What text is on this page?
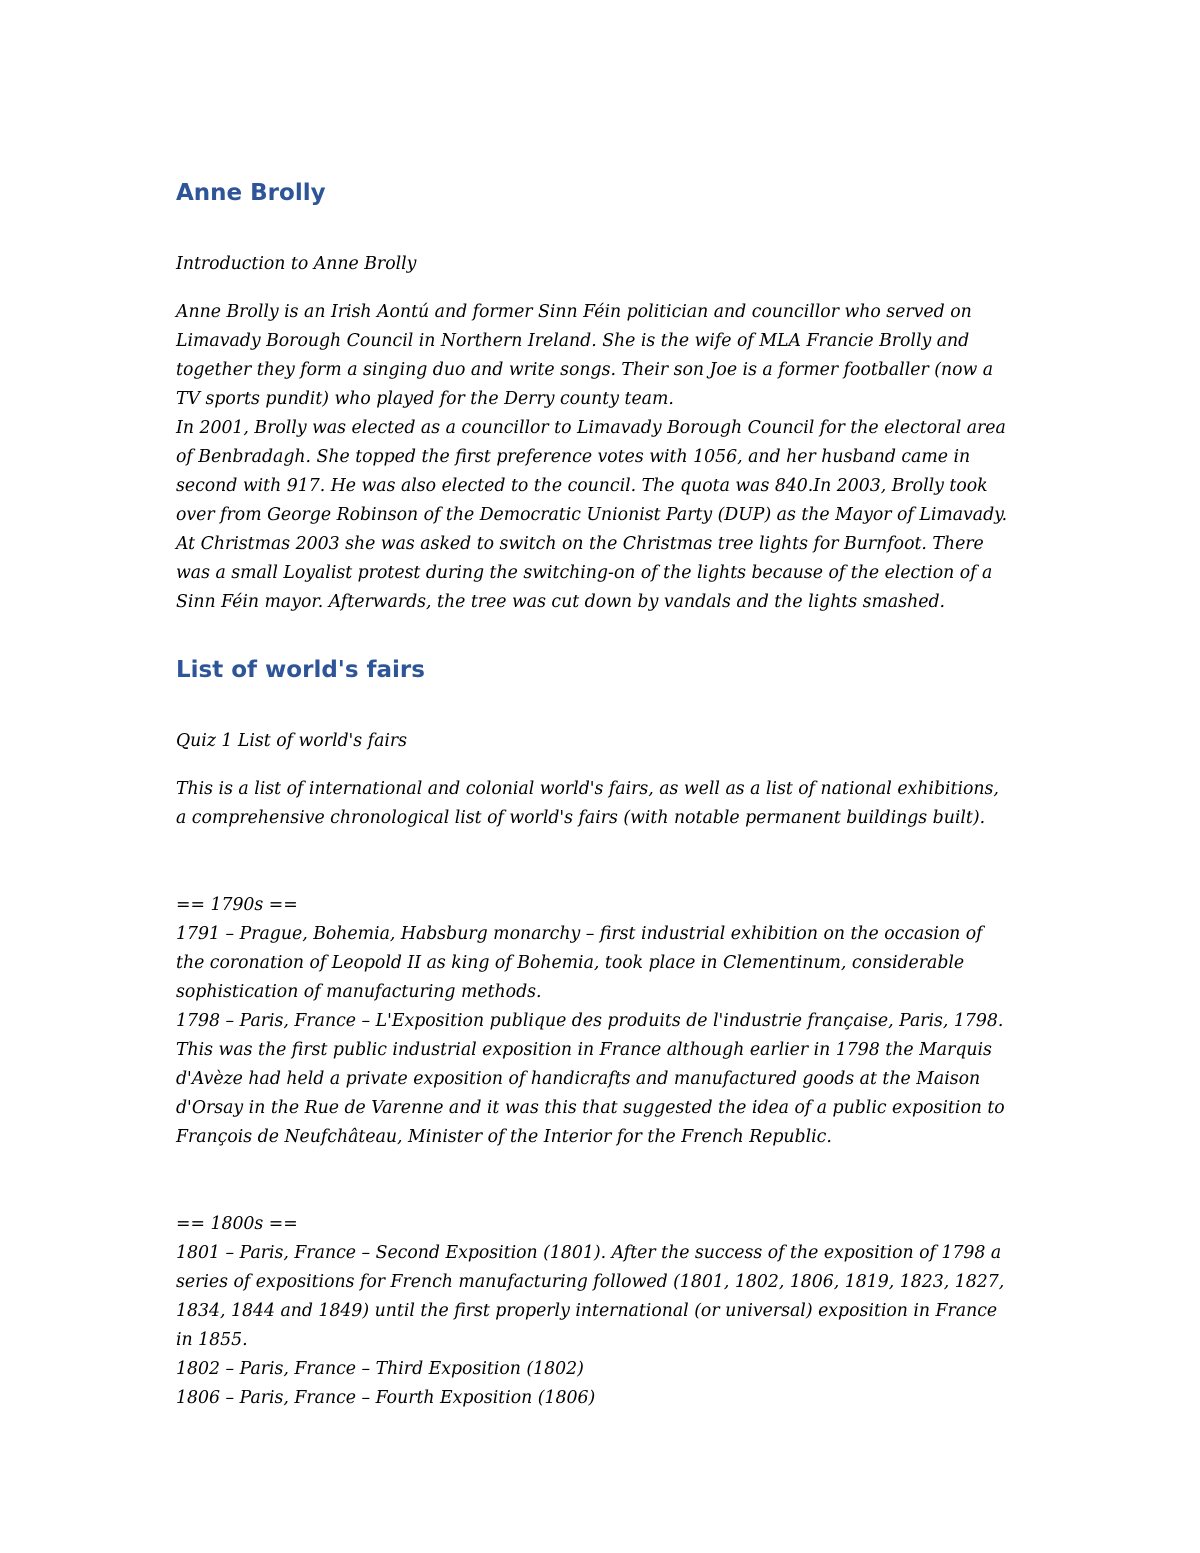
Anne Brolly

Introduction to Anne Brolly

Anne Brolly is an Irish Aontú and former Sinn Féin politician and councillor who served on

Limavady Borough Council in Northern Ireland. She is the wife of MLA Francie Brolly and

together they form a singing duo and write songs. Their son Joe is a former footballer (now a

TV sports pundit) who played for the Derry county team.

In 2001, Brolly was elected as a councillor to Limavady Borough Council for the electoral area

of Benbradagh. She topped the first preference votes with 1056, and her husband came in

second with 917. He was also elected to the council. The quota was 840.In 2003, Brolly took

over from George Robinson of the Democratic Unionist Party (DUP) as the Mayor of Limavady.

At Christmas 2003 she was asked to switch on the Christmas tree lights for Burnfoot. There

was a small Loyalist protest during the switching-on of the lights because of the election of a

Sinn Féin mayor. Afterwards, the tree was cut down by vandals and the lights smashed.

List of world's fairs

Quiz 1 List of world's fairs

This is a list of international and colonial world's fairs, as well as a list of national exhibitions,

a comprehensive chronological list of world's fairs (with notable permanent buildings built).

== 1790s ==

1791 – Prague, Bohemia, Habsburg monarchy – first industrial exhibition on the occasion of

the coronation of Leopold II as king of Bohemia, took place in Clementinum, considerable

sophistication of manufacturing methods.

1798 – Paris, France – L'Exposition publique des produits de l'industrie française, Paris, 1798.

This was the first public industrial exposition in France although earlier in 1798 the Marquis

d'Avèze had held a private exposition of handicrafts and manufactured goods at the Maison

d'Orsay in the Rue de Varenne and it was this that suggested the idea of a public exposition to

François de Neufchâteau, Minister of the Interior for the French Republic.

== 1800s ==

1801 – Paris, France – Second Exposition (1801). After the success of the exposition of 1798 a

series of expositions for French manufacturing followed (1801, 1802, 1806, 1819, 1823, 1827,

1834, 1844 and 1849) until the first properly international (or universal) exposition in France

in 1855.

1802 – Paris, France – Third Exposition (1802)

1806 – Paris, France – Fourth Exposition (1806)
